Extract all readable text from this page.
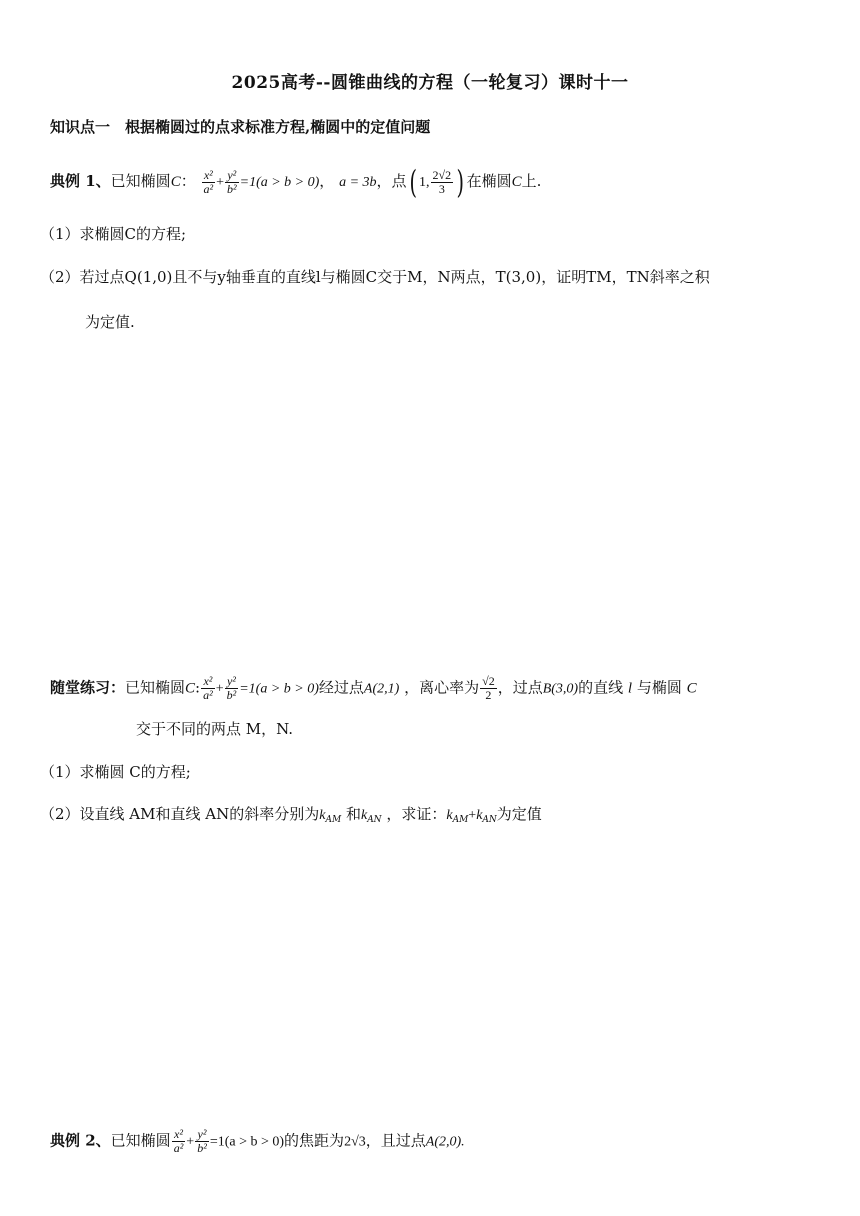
2025高考--圆锥曲线的方程（一轮复习）课时十一
知识点一　根据椭圆过的点求标准方程,椭圆中的定值问题
典例 1、已知椭圆C： $\frac{\text{x²}}{\text{a²}} + \frac{\text{y²}}{\text{b²}} =1(a > b > 0)$， a = 3b，点( 1, $\frac{2√2}{3}$ ) 在椭圆C上.
（1）求椭圆C的方程;
（2）若过点Q(1,0)且不与y轴垂直的直线l与椭圆C交于M，N两点，T(3,0)，证明TM，TN斜率之积
为定值.
随堂练习：已知椭圆C: $\frac{\text{x²}}{\text{a²}} + \frac{\text{y²}}{\text{b²}} =1(a > b > 0)$经过点A(2,1) ，离心率为 $\frac{√2}{2}$ ，过点B(3,0)的直线 l 与椭圆 C
交于不同的两点 M，N.
（1）求椭圆 C的方程;
（2）设直线 AM和直线 AN的斜率分别为$k_{AM}$ 和$k_{AN}$ ，求证：$k_{AM}+k_{AN}$为定值
典例 2、已知椭圆 $\frac{\text{x²}}{\text{a²}} + \frac{\text{y²}}{\text{b²}} =1(a > b > 0)$的焦距为2√3，且过点A(2,0).
